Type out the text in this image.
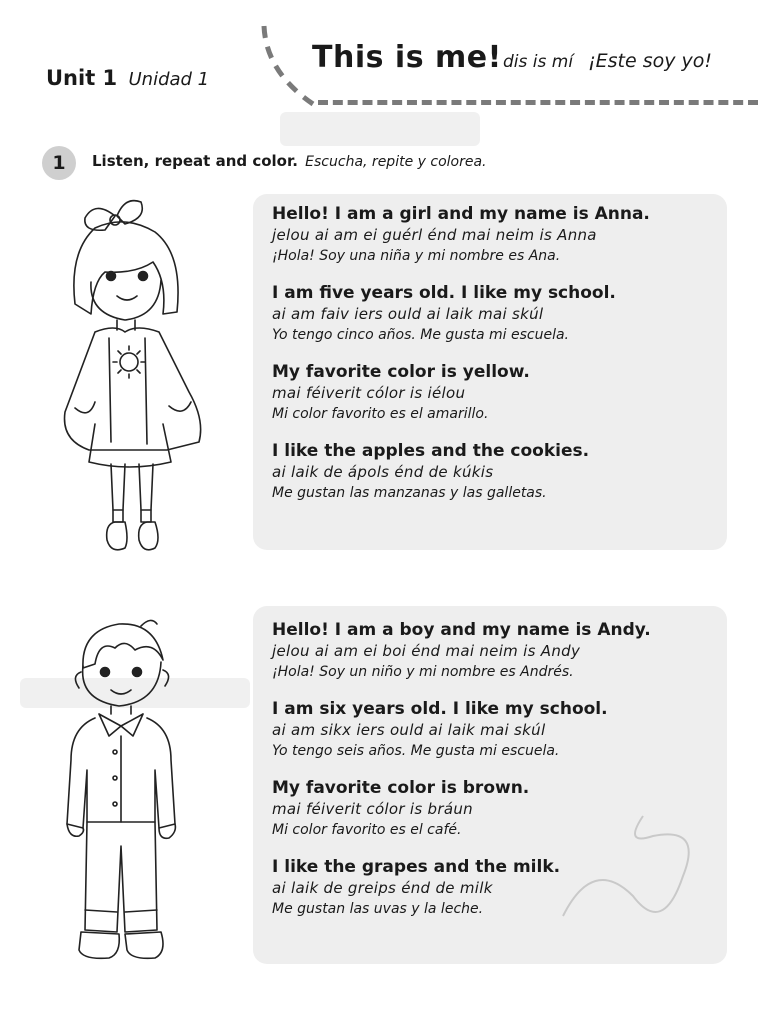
Unit 1 Unidad 1
This is me! dis is mí ¡Este soy yo!
1 Listen, repeat and color. Escucha, repite y colorea.
Hello! I am a girl and my name is Anna.
jelou ai am ei guérl énd mai neim is Anna
¡Hola! Soy una niña y mi nombre es Ana.
I am five years old. I like my school.
ai am faiv iers ould ai laik mai skúl
Yo tengo cinco años. Me gusta mi escuela.
My favorite color is yellow.
mai féiverit cólor is iélou
Mi color favorito es el amarillo.
I like the apples and the cookies.
ai laik de ápols énd de kúkis
Me gustan las manzanas y las galletas.
Hello! I am a boy and my name is Andy.
jelou ai am ei boi énd mai neim is Andy
¡Hola! Soy un niño y mi nombre es Andrés.
I am six years old. I like my school.
ai am sikx iers ould ai laik mai skúl
Yo tengo seis años. Me gusta mi escuela.
My favorite color is brown.
mai féiverit cólor is bráun
Mi color favorito es el café.
I like the grapes and the milk.
ai laik de greips énd de milk
Me gustan las uvas y la leche.
